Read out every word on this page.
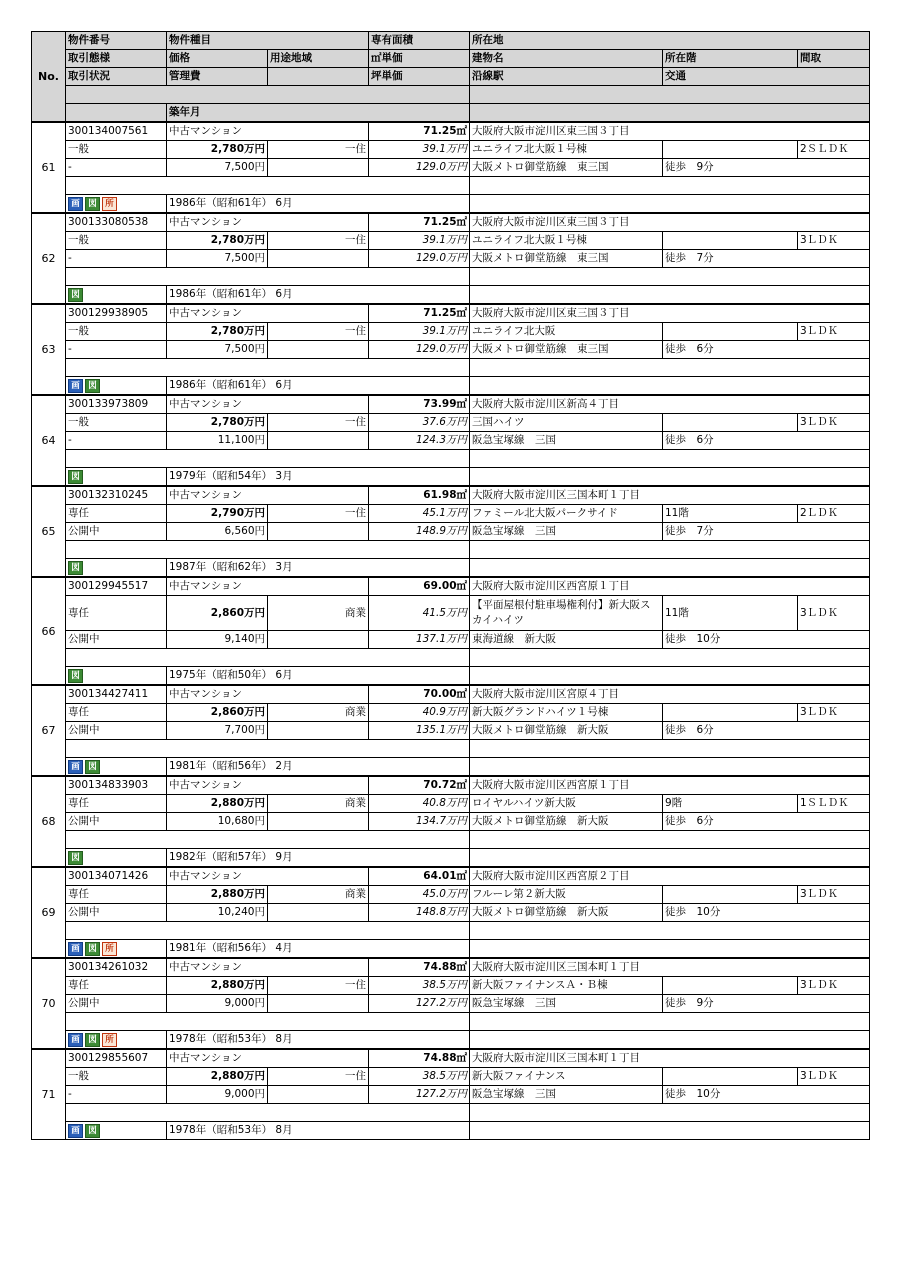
No.	物件番号	物件種目		専有面積	所在地		
	取引態様	価格	用途地域	㎡単価	建物名	所在階	間取
	取引状況	管理費		坪単価	沿線駅	交通	

		築年月					
61	300134007561	中古マンション		71.25㎡	大阪府大阪市淀川区東三国３丁目		
	一般	2,780万円	一住	39.1万円	ユニライフ北大阪１号棟		2ＳＬＤＫ
	-	7,500円		129.0万円	大阪メトロ御堂筋線　東三国	徒歩　9分	

	画 図 所	1986年（昭和61年） 6月					
62	300133080538	中古マンション		71.25㎡	大阪府大阪市淀川区東三国３丁目		
	一般	2,780万円	一住	39.1万円	ユニライフ北大阪１号棟		3ＬＤＫ
	-	7,500円		129.0万円	大阪メトロ御堂筋線　東三国	徒歩　7分	

	図	1986年（昭和61年） 6月					
63	300129938905	中古マンション		71.25㎡	大阪府大阪市淀川区東三国３丁目		
	一般	2,780万円	一住	39.1万円	ユニライフ北大阪		3ＬＤＫ
	-	7,500円		129.0万円	大阪メトロ御堂筋線　東三国	徒歩　6分	

	画 図	1986年（昭和61年） 6月					
64	300133973809	中古マンション		73.99㎡	大阪府大阪市淀川区新高４丁目		
	一般	2,780万円	一住	37.6万円	三国ハイツ		3ＬＤＫ
	-	11,100円		124.3万円	阪急宝塚線　三国	徒歩　6分	

	図	1979年（昭和54年） 3月					
65	300132310245	中古マンション		61.98㎡	大阪府大阪市淀川区三国本町１丁目		
	専任	2,790万円	一住	45.1万円	ファミール北大阪パークサイド	11階	2ＬＤＫ
	公開中	6,560円		148.9万円	阪急宝塚線　三国	徒歩　7分	

	図	1987年（昭和62年） 3月					
66	300129945517	中古マンション		69.00㎡	大阪府大阪市淀川区西宮原１丁目		
	専任	2,860万円	商業	41.5万円	【平面屋根付駐車場権利付】新大阪スカイハイツ	11階	3ＬＤＫ
	公開中	9,140円		137.1万円	東海道線　新大阪	徒歩　10分	

	図	1975年（昭和50年） 6月					
67	300134427411	中古マンション		70.00㎡	大阪府大阪市淀川区宮原４丁目		
	専任	2,860万円	商業	40.9万円	新大阪グランドハイツ１号棟		3ＬＤＫ
	公開中	7,700円		135.1万円	大阪メトロ御堂筋線　新大阪	徒歩　6分	

	画 図	1981年（昭和56年） 2月					
68	300134833903	中古マンション		70.72㎡	大阪府大阪市淀川区西宮原１丁目		
	専任	2,880万円	商業	40.8万円	ロイヤルハイツ新大阪	9階	1ＳＬＤＫ
	公開中	10,680円		134.7万円	大阪メトロ御堂筋線　新大阪	徒歩　6分	

	図	1982年（昭和57年） 9月					
69	300134071426	中古マンション		64.01㎡	大阪府大阪市淀川区西宮原２丁目		
	専任	2,880万円	商業	45.0万円	フルーレ第２新大阪		3ＬＤＫ
	公開中	10,240円		148.8万円	大阪メトロ御堂筋線　新大阪	徒歩　10分	

	画 図 所	1981年（昭和56年） 4月					
70	300134261032	中古マンション		74.88㎡	大阪府大阪市淀川区三国本町１丁目		
	専任	2,880万円	一住	38.5万円	新大阪ファイナンスＡ・Ｂ棟		3ＬＤＫ
	公開中	9,000円		127.2万円	阪急宝塚線　三国	徒歩　9分	

	画 図 所	1978年（昭和53年） 8月					
71	300129855607	中古マンション		74.88㎡	大阪府大阪市淀川区三国本町１丁目		
	一般	2,880万円	一住	38.5万円	新大阪ファイナンス		3ＬＤＫ
	-	9,000円		127.2万円	阪急宝塚線　三国	徒歩　10分	

	画 図	1978年（昭和53年） 8月					
